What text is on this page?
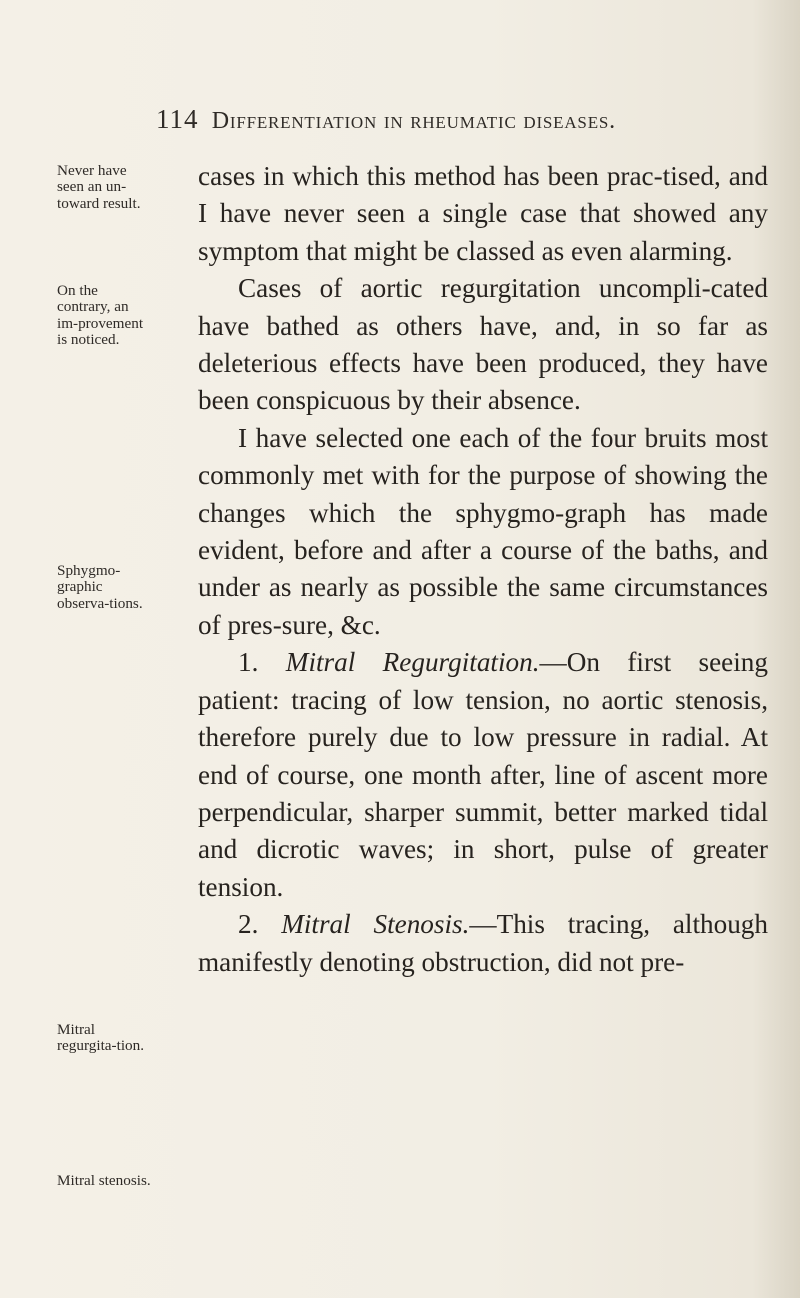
114 Differentiation in rheumatic diseases.
Never have seen an un-toward result.
On the contrary, an im-provement is noticed.
Sphygmo-graphic observa-tions.
Mitral regurgita-tion.
Mitral stenosis.

cases in which this method has been prac-tised, and I have never seen a single case that showed any symptom that might be classed as even alarming.

Cases of aortic regurgitation uncompli-cated have bathed as others have, and, in so far as deleterious effects have been produced, they have been conspicuous by their absence.

I have selected one each of the four bruits most commonly met with for the purpose of showing the changes which the sphygmo-graph has made evident, before and after a course of the baths, and under as nearly as possible the same circumstances of pres-sure, &c.

1. Mitral Regurgitation.—On first seeing patient: tracing of low tension, no aortic stenosis, therefore purely due to low pressure in radial. At end of course, one month after, line of ascent more perpendicular, sharper summit, better marked tidal and dicrotic waves; in short, pulse of greater tension.

2. Mitral Stenosis.—This tracing, although manifestly denoting obstruction, did not pre-
